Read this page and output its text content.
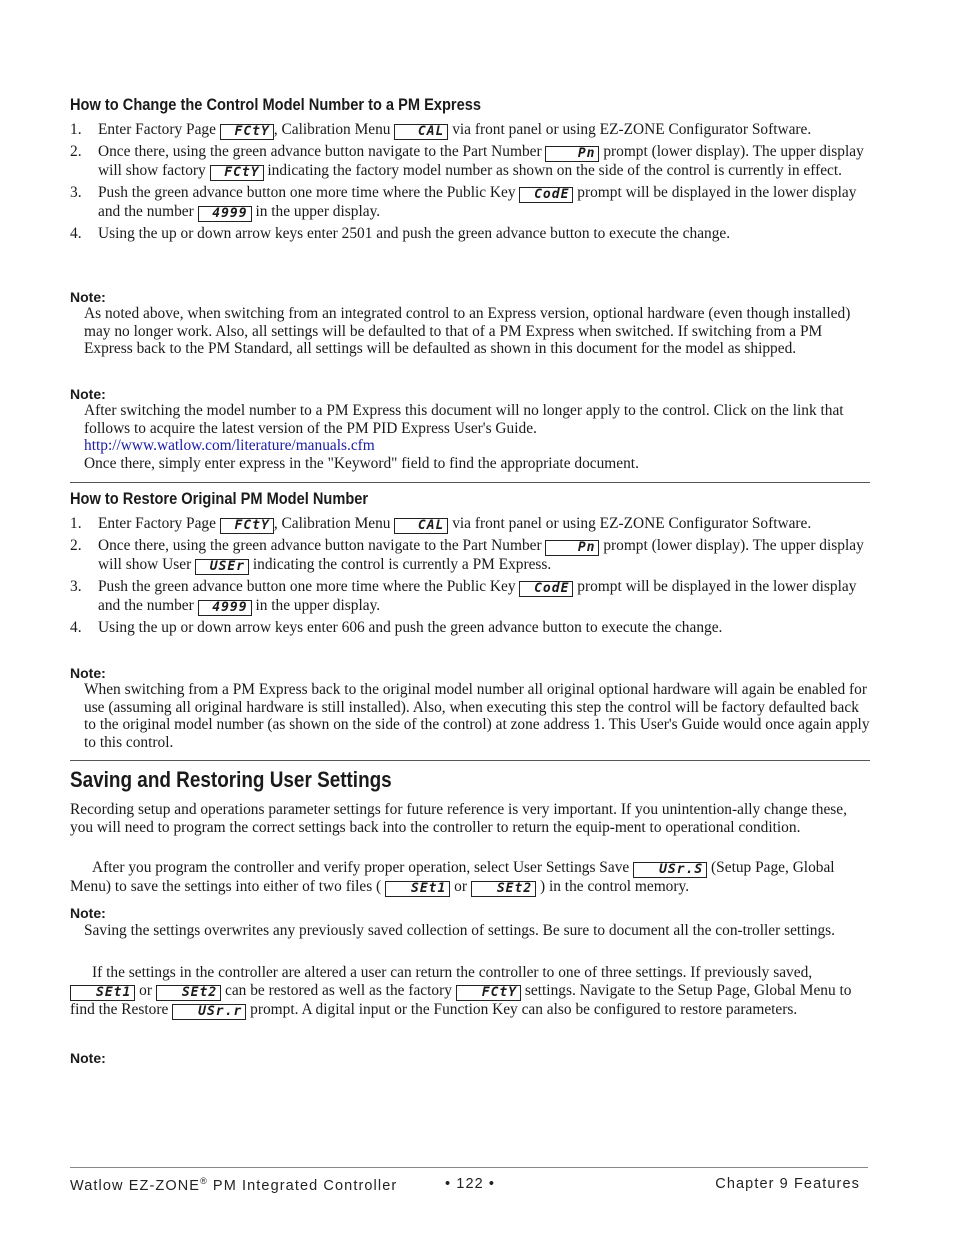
How to Change the Control Model Number to a PM Express
1. Enter Factory Page FCtY , Calibration Menu CAL via front panel or using EZ-ZONE Configurator Software.
2. Once there, using the green advance button navigate to the Part Number Pn prompt (lower display). The upper display will show factory FCtY indicating the factory model number as shown on the side of the control is currently in effect.
3. Push the green advance button one more time where the Public Key CodE prompt will be displayed in the lower display and the number 4999 in the upper display.
4. Using the up or down arrow keys enter 2501 and push the green advance button to execute the change.
Note:
As noted above, when switching from an integrated control to an Express version, optional hardware (even though installed) may no longer work. Also, all settings will be defaulted to that of a PM Express when switched. If switching from a PM Express back to the PM Standard, all settings will be defaulted as shown in this document for the model as shipped.
Note:

After switching the model number to a PM Express this document will no longer apply to the control. Click on the link that follows to acquire the latest version of the PM PID Express User's Guide.

http://www.watlow.com/literature/manuals.cfm

Once there, simply enter express in the "Keyword" field to find the appropriate document.

How to Restore Original PM Model Number
1. Enter Factory Page FCtY , Calibration Menu CAL via front panel or using EZ-ZONE Configurator Software.
2. Once there, using the green advance button navigate to the Part Number Pn prompt (lower display). The upper display will show User USEr indicating the control is currently a PM Express.
3. Push the green advance button one more time where the Public Key CodE prompt will be displayed in the lower display and the number 4999 in the upper display.
4. Using the up or down arrow keys enter 606 and push the green advance button to execute the change.
Note:
When switching from a PM Express back to the original model number all original optional hardware will again be enabled for use (assuming all original hardware is still installed). Also, when executing this step the control will be factory defaulted back to the original model number (as shown on the side of the control) at zone address 1. This User's Guide would once again apply to this control.
Saving and Restoring User Settings
Recording setup and operations parameter settings for future reference is very important. If you unintention-ally change these, you will need to program the correct settings back into the controller to return the equip-ment to operational condition.
After you program the controller and verify proper operation, select User Settings Save USr.S (Setup Page, Global Menu) to save the settings into either of two files ( SEt1 or SEt2 ) in the control memory.
Note:
Saving the settings overwrites any previously saved collection of settings. Be sure to document all the con-troller settings.
If the settings in the controller are altered a user can return the controller to one of three settings. If previously saved, SEt1 or SEt2 can be restored as well as the factory FCtY settings. Navigate to the Setup Page, Global Menu to find the Restore USr.r prompt. A digital input or the Function Key can also be configured to restore parameters.
Note:
Watlow EZ-ZONE® PM Integrated Controller	• 122 •	Chapter 9 Features
